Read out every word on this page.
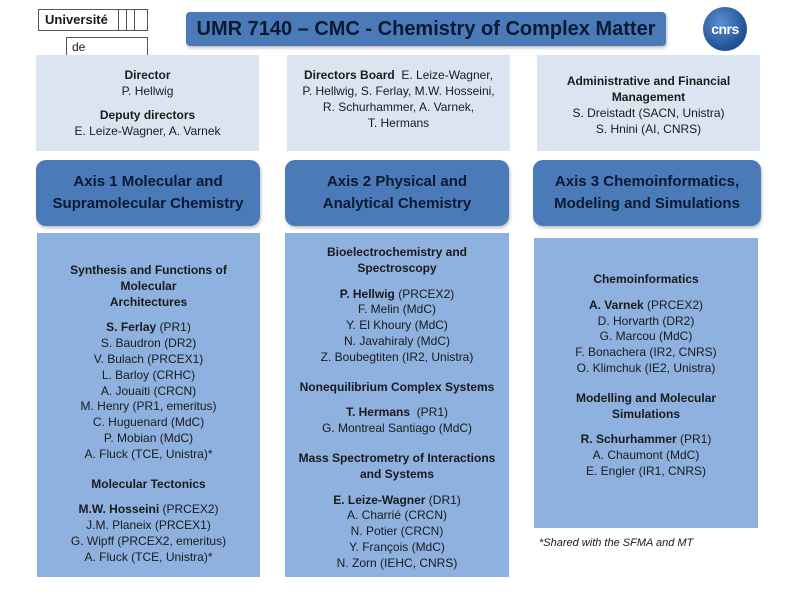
Université
de
UMR 7140 – CMC - Chemistry of Complex Matter	cnrs
Director
P. Hellwig
Deputy directors
E. Leize-Wagner, A. Varnek
Directors Board E. Leize-Wagner,
P. Hellwig, S. Ferlay, M.W. Hosseini,
R. Schurhammer, A. Varnek,
T. Hermans
Administrative and Financial
Management
S. Dreistadt (SACN, Unistra)
S. Hnini (AI, CNRS)
Axis 1 Molecular and
Supramolecular Chemistry
Axis 2 Physical and
Analytical Chemistry
Axis 3 Chemoinformatics,
Modeling and Simulations
Synthesis and Functions of Molecular
Architectures
S. Ferlay (PR1)
S. Baudron (DR2)
V. Bulach (PRCEX1)
L. Barloy (CRHC)
A. Jouaiti (CRCN)
M. Henry (PR1, emeritus)
C. Huguenard (MdC)
P. Mobian (MdC)
A. Fluck (TCE, Unistra)*
Molecular Tectonics
M.W. Hosseini (PRCEX2)
J.M. Planeix (PRCEX1)
G. Wipff (PRCEX2, emeritus)
A. Fluck (TCE, Unistra)*
Bioelectrochemistry and
Spectroscopy
P. Hellwig (PRCEX2)
F. Melin (MdC)
Y. El Khoury (MdC)
N. Javahiraly (MdC)
Z. Boubegtiten (IR2, Unistra)
Nonequilibrium Complex Systems
T. Hermans  (PR1)
G. Montreal Santiago (MdC)
Mass Spectrometry of Interactions
and Systems
E. Leize-Wagner (DR1)
A. Charrié (CRCN)
N. Potier (CRCN)
Y. François (MdC)
N. Zorn (IEHC, CNRS)
Chemoinformatics
A. Varnek (PRCEX2)
D. Horvarth (DR2)
G. Marcou (MdC)
F. Bonachera (IR2, CNRS)
O. Klimchuk (IE2, Unistra)
Modelling and Molecular Simulations
R. Schurhammer (PR1)
A. Chaumont (MdC)
E. Engler (IR1, CNRS)
*Shared with the SFMA and MT
